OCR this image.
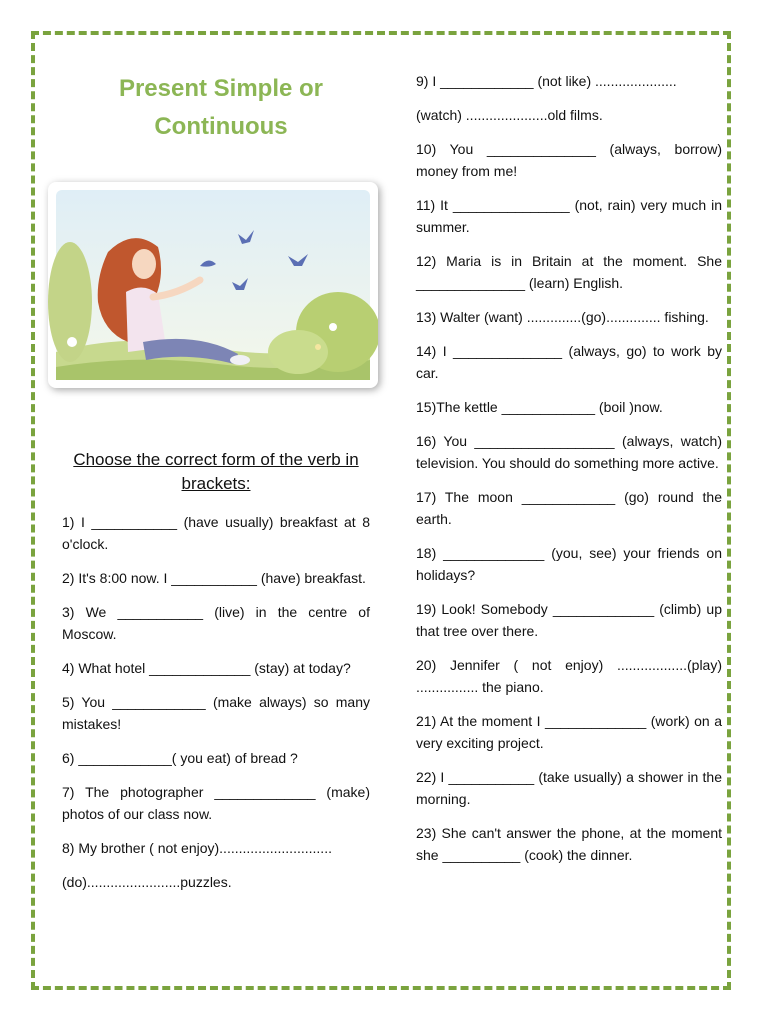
Present Simple or
Continuous

Choose the correct form of the verb in brackets:

1) I ___________ (have usually) breakfast at 8 o'clock.

2) It's 8:00 now. I ___________ (have) breakfast.

3) We ___________ (live) in the centre of Moscow.

4) What hotel _____________ (stay) at today?

5) You ____________ (make always) so many mistakes!

6) ____________( you eat) of bread ?

7) The photographer _____________ (make) photos of our class now.

8) My brother ( not enjoy).............................

(do)........................puzzles.

9) I ____________ (not like) .....................

(watch) .....................old films.

10) You ______________ (always, borrow) money from me!

11) It _______________ (not, rain) very much in summer.

12) Maria is in Britain at the moment. She ______________ (learn) English.

13) Walter (want) ..............(go).............. fishing.

14) I ______________ (always, go) to work by car.

15)The kettle ____________ (boil )now.

16) You __________________ (always, watch) television. You should do something more active.

17) The moon ____________ (go) round the earth.

18) _____________ (you, see) your friends on holidays?

19) Look! Somebody _____________ (climb) up that tree over there.

20) Jennifer ( not enjoy) ..................(play) ................ the piano.

21) At the moment I _____________ (work) on a very exciting project.

22) I ___________ (take usually) a shower in the morning.

23) She can't answer the phone, at the moment she __________ (cook) the dinner.
